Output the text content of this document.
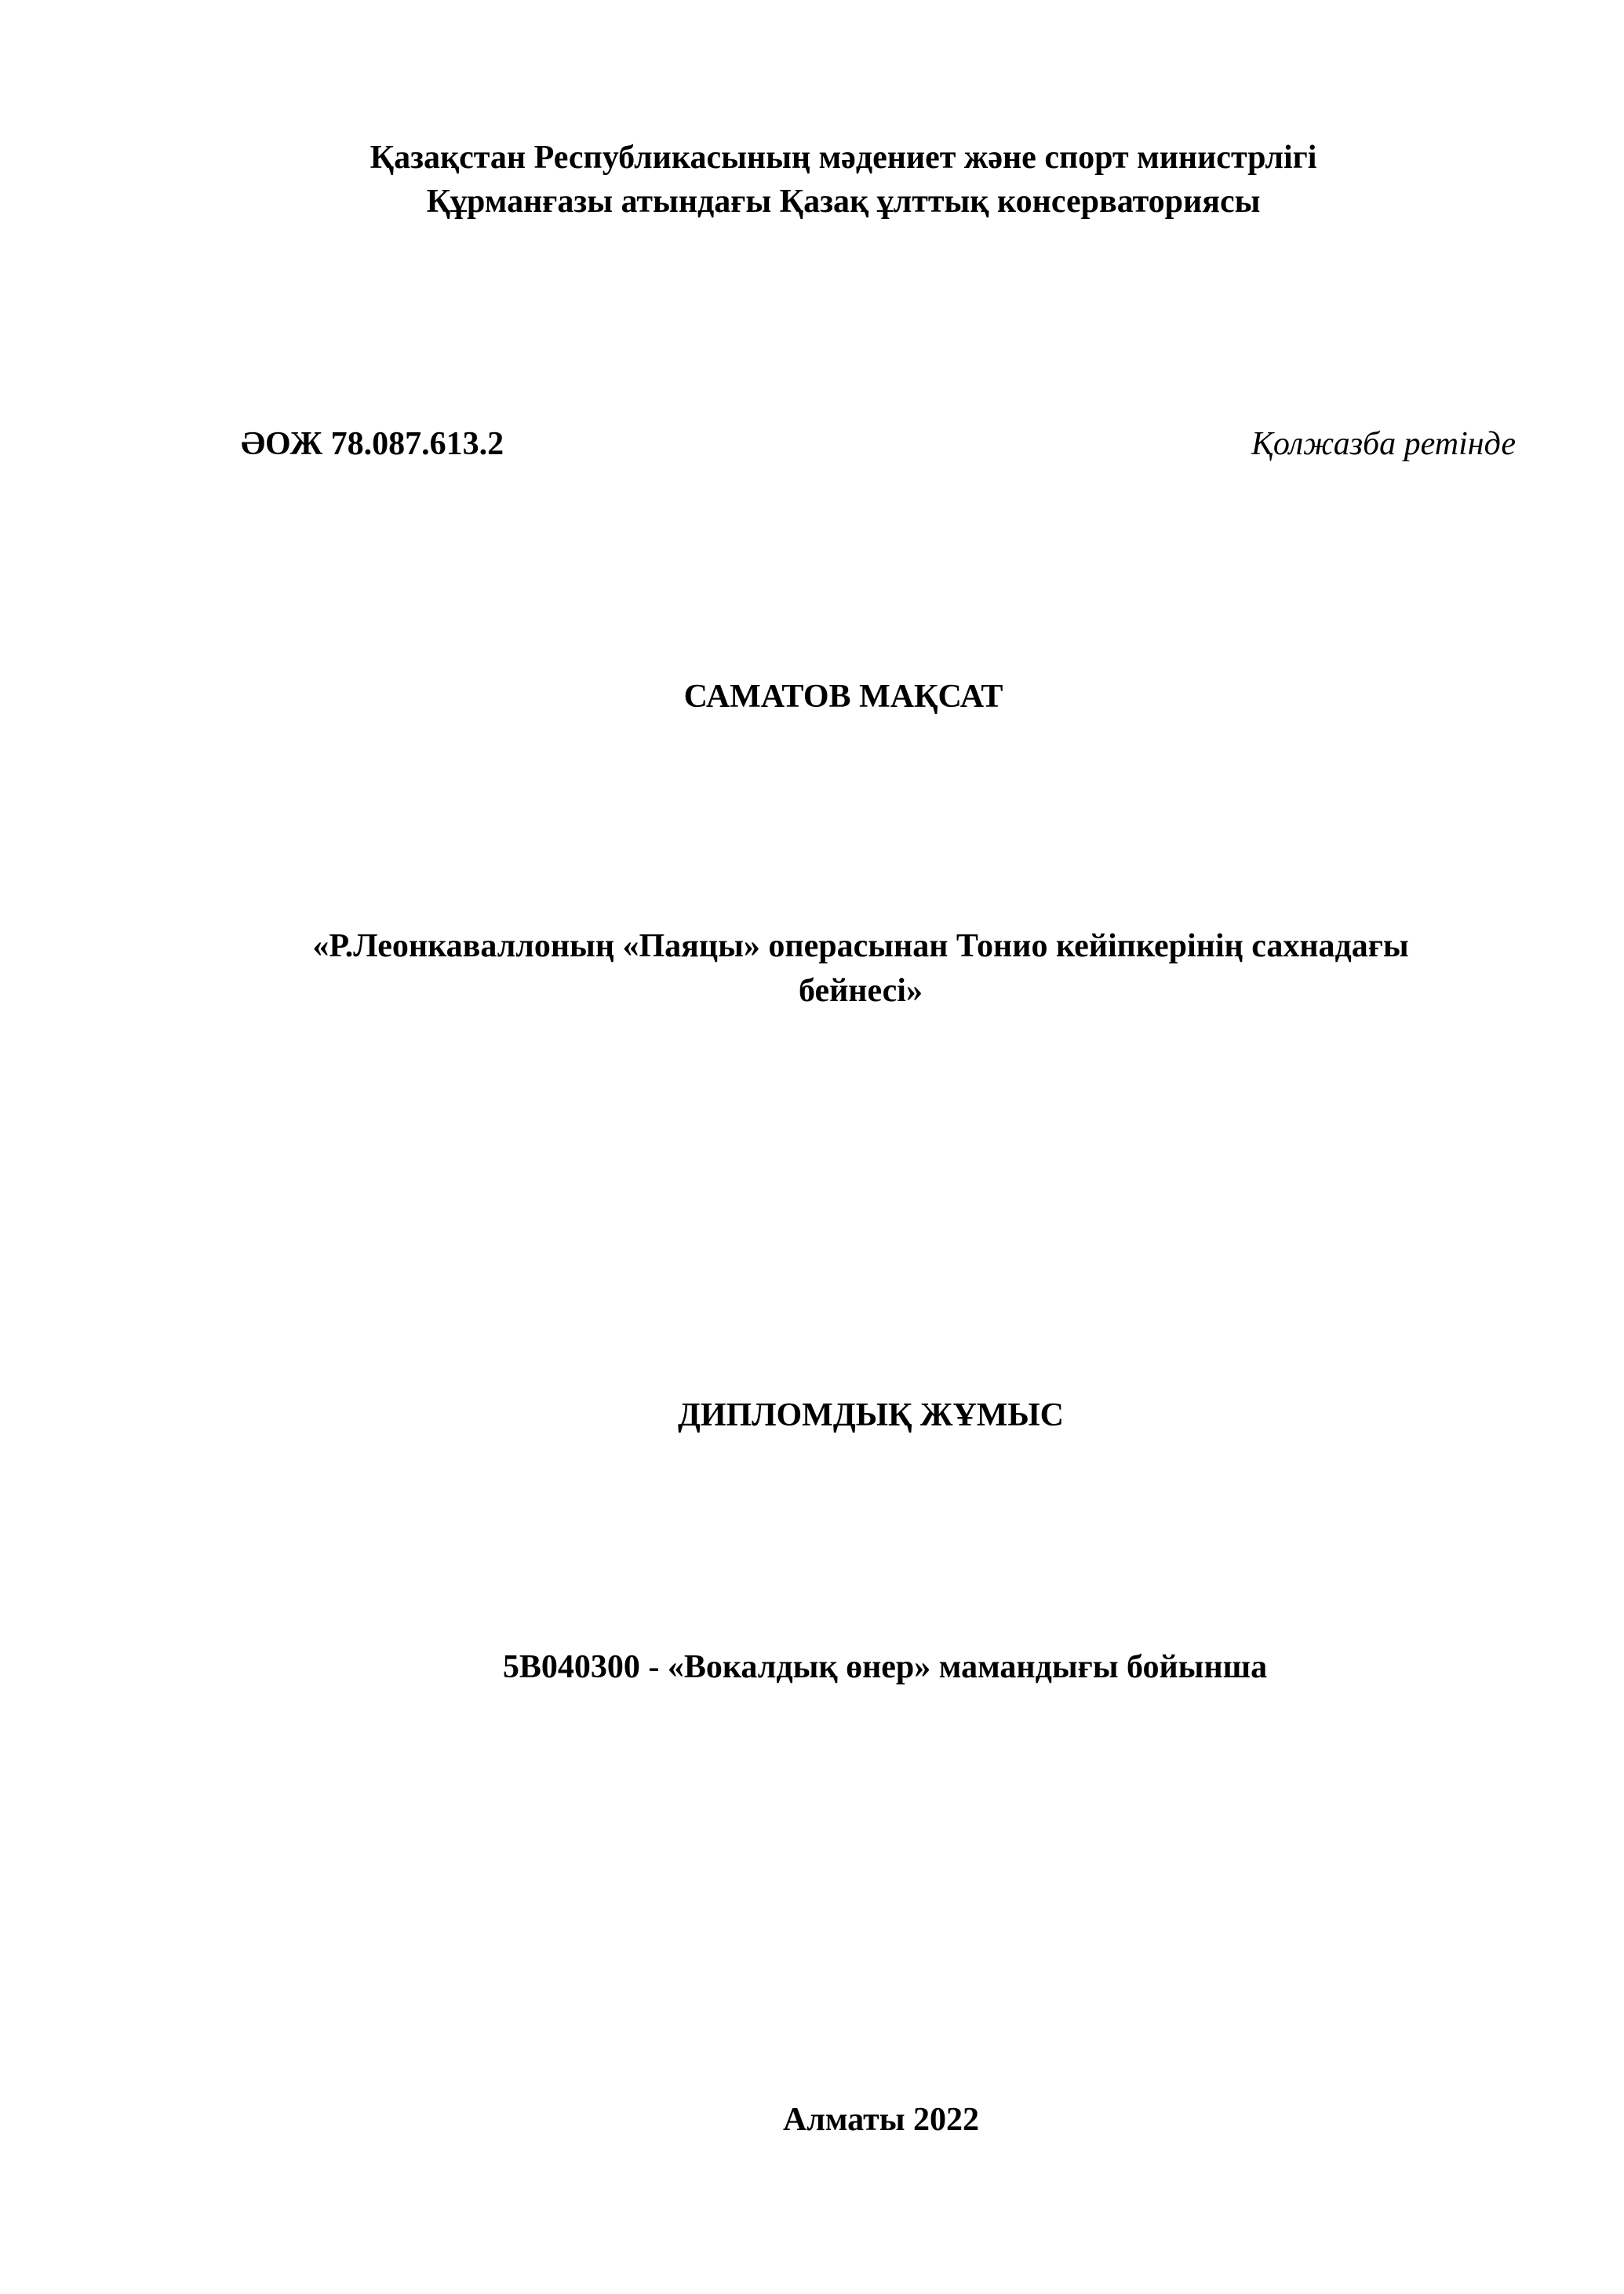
Қазақстан Республикасының мәдениет және спорт министрлігі
Құрманғазы атындағы Қазақ ұлттық консерваториясы
ӘОЖ 78.087.613.2	Қолжазба ретінде
САМАТОВ МАҚСАТ
«Р.Леонкаваллоның «Паяцы» операсынан Тонио кейіпкерінің сахнадағы
бейнесі»
ДИПЛОМДЫҚ ЖҰМЫС
5В040300 - «Вокалдық өнер» мамандығы бойынша
Алматы 2022
